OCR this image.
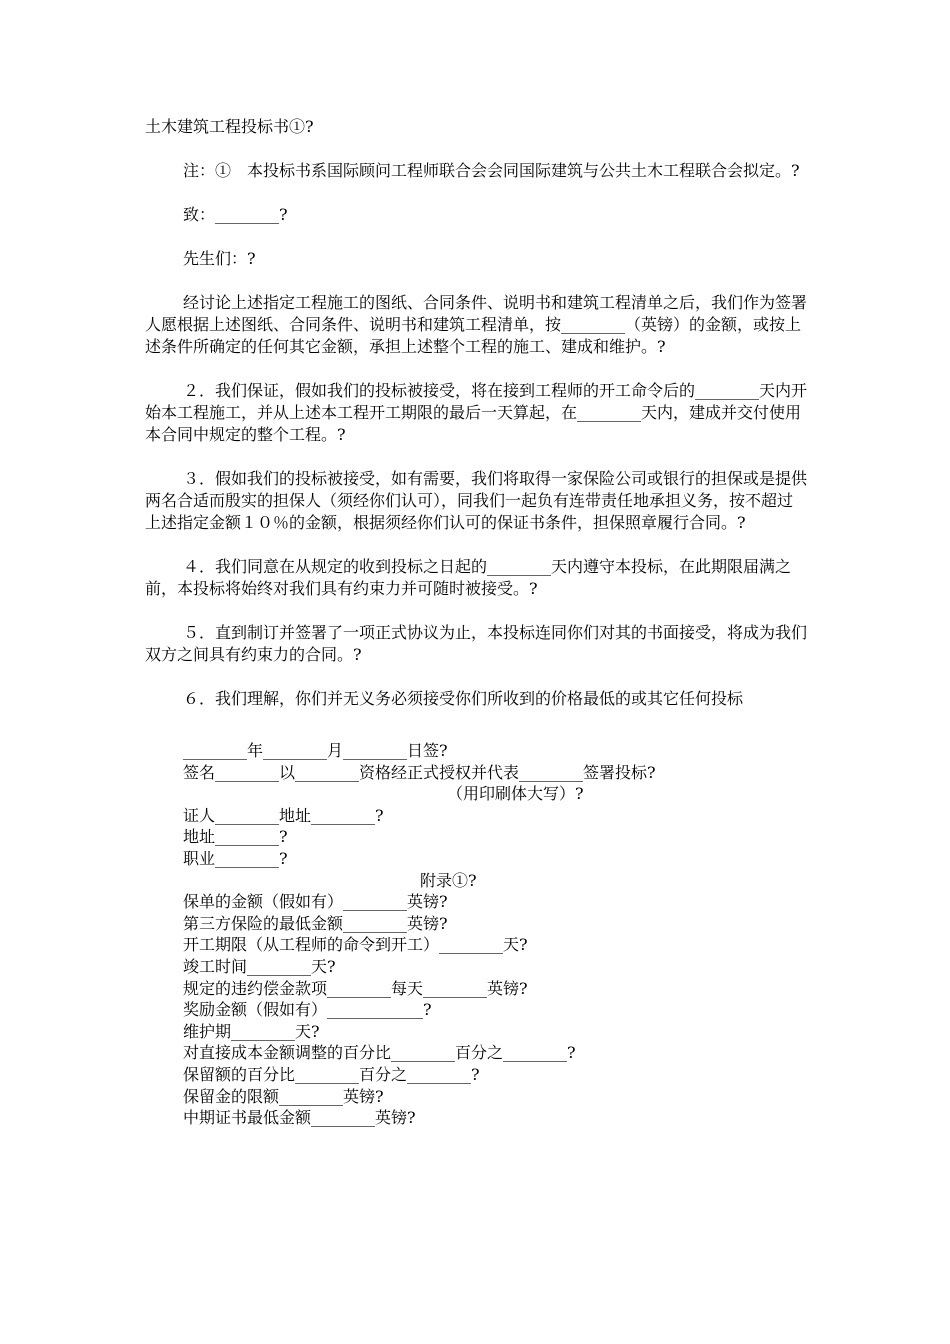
土木建筑工程投标书①?

注：①　本投标书系国际顾问工程师联合会会同国际建筑与公共土木工程联合会拟定。?

致：________?

先生们：?

经讨论上述指定工程施工的图纸、合同条件、说明书和建筑工程清单之后，我们作为签署人愿根据上述图纸、合同条件、说明书和建筑工程清单，按________（英镑）的金额，或按上述条件所确定的任何其它金额，承担上述整个工程的施工、建成和维护。?

２．我们保证，假如我们的投标被接受，将在接到工程师的开工命令后的________天内开始本工程施工，并从上述本工程开工期限的最后一天算起，在________天内，建成并交付使用本合同中规定的整个工程。?

３．假如我们的投标被接受，如有需要，我们将取得一家保险公司或银行的担保或是提供两名合适而殷实的担保人（须经你们认可），同我们一起负有连带责任地承担义务，按不超过上述指定金额１０％的金额，根据须经你们认可的保证书条件，担保照章履行合同。?

４．我们同意在从规定的收到投标之日起的________天内遵守本投标，在此期限届满之前，本投标将始终对我们具有约束力并可随时被接受。?

５．直到制订并签署了一项正式协议为止，本投标连同你们对其的书面接受，将成为我们双方之间具有约束力的合同。?

６．我们理解，你们并无义务必须接受你们所收到的价格最低的或其它任何投标

________年________月________日签?

签名________以________资格经正式授权并代表________签署投标?

（用印刷体大写）?

证人________地址________?

地址________?

职业________?

附录①?

保单的金额（假如有）________英镑?

第三方保险的最低金额________英镑?

开工期限（从工程师的命令到开工）________天?

竣工时间________天?

规定的违约偿金款项________每天________英镑?

奖励金额（假如有）____________?

维护期________天?

对直接成本金额调整的百分比________百分之________?

保留额的百分比________百分之________?

保留金的限额________英镑?

中期证书最低金额________英镑?
